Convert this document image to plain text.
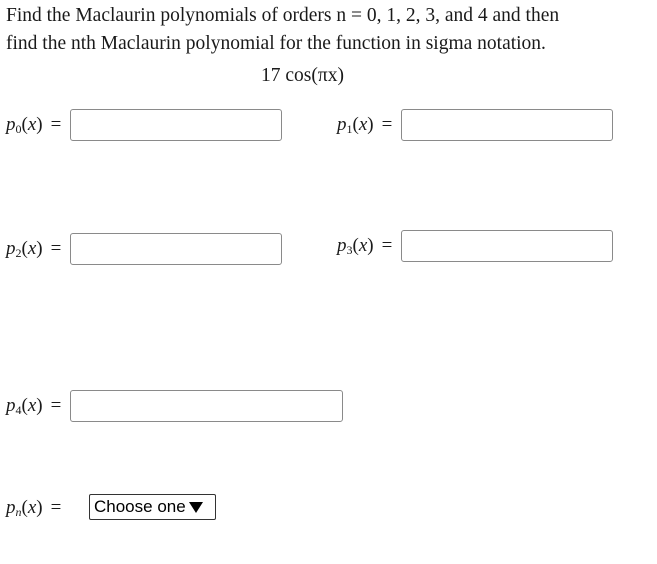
Find the Maclaurin polynomials of orders n = 0, 1, 2, 3, and 4 and then
find the nth Maclaurin polynomial for the function in sigma notation.
17 cos(πx)
$p_0(x)$ =	$p_1(x)$ =
$p_2(x)$ =	$p_3(x)$ =
$p_4(x)$ =
$p_n(x)$ =	Choose one
